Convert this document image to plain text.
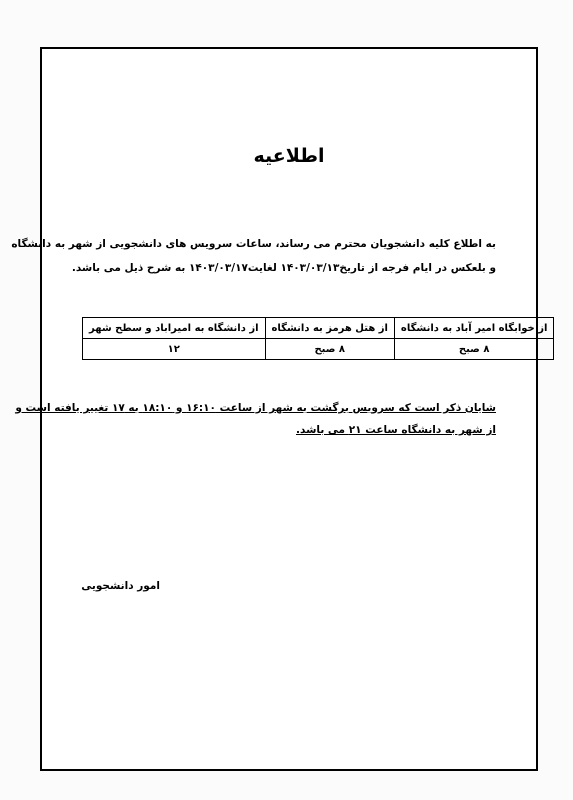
اطلاعیه
به اطلاع کلیه دانشجویان محترم می رساند، ساعات سرویس های دانشجویی از شهر به دانشگاه
و بلعکس در ایام فرجه از تاریخ۱۴۰۳/۰۳/۱۳ لغایت۱۴۰۳/۰۳/۱۷ به شرح ذیل می باشد.
از خوابگاه امیر آباد به دانشگاه	از هتل هرمز به دانشگاه	از دانشگاه به امیراباد و سطح شهر
۸ صبح	۸ صبح	۱۲
شایان ذکر است که سرویس برگشت به شهر از ساعت ۱۶:۱۰ و ۱۸:۱۰ به ۱۷ تغییر یافته است و
از شهر به دانشگاه ساعت ۲۱ می باشد.
امور دانشجویی
